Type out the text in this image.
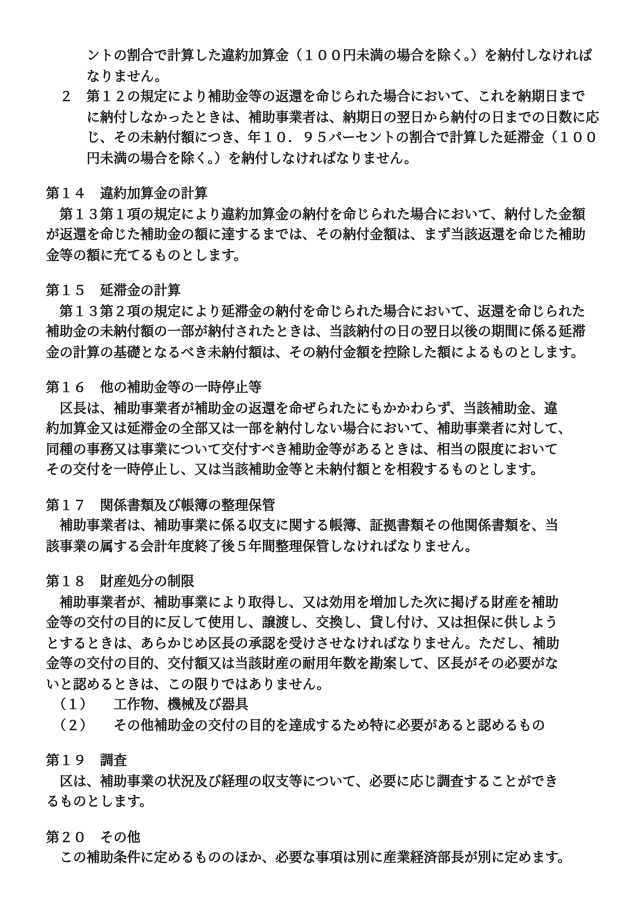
　　　ントの割合で計算した違約加算金（１００円未満の場合を除く。）を納付しなければ
　　　なりません。
　２　第１２の規定により補助金等の返還を命じられた場合において、これを納期日まで
　　　に納付しなかったときは、補助事業者は、納期日の翌日から納付の日までの日数に応
　　　じ、その未納付額につき、年１０．９５パーセントの割合で計算した延滞金（１００
　　　円未満の場合を除く。）を納付しなければなりません。
第１４　違約加算金の計算
　第１３第１項の規定により違約加算金の納付を命じられた場合において、納付した金額
が返還を命じた補助金の額に達するまでは、その納付金額は、まず当該返還を命じた補助
金等の額に充てるものとします。
第１５　延滞金の計算
　第１３第２項の規定により延滞金の納付を命じられた場合において、返還を命じられた
補助金の未納付額の一部が納付されたときは、当該納付の日の翌日以後の期間に係る延滞
金の計算の基礎となるべき未納付額は、その納付金額を控除した額によるものとします。
第１６　他の補助金等の一時停止等
　区長は、補助事業者が補助金の返還を命ぜられたにもかかわらず、当該補助金、違
約加算金又は延滞金の全部又は一部を納付しない場合において、補助事業者に対して、
同種の事務又は事業について交付すべき補助金等があるときは、相当の限度において
その交付を一時停止し、又は当該補助金等と未納付額とを相殺するものとします。
第１７　関係書類及び帳簿の整理保管
　補助事業者は、補助事業に係る収支に関する帳簿、証拠書類その他関係書類を、当
該事業の属する会計年度終了後５年間整理保管しなければなりません。
第１８　財産処分の制限
　補助事業者が、補助事業により取得し、又は効用を増加した次に掲げる財産を補助
金等の交付の目的に反して使用し、譲渡し、交換し、貸し付け、又は担保に供しよう
とするときは、あらかじめ区長の承認を受けさせなければなりません。ただし、補助
金等の交付の目的、交付額又は当該財産の耐用年数を勘案して、区長がその必要がな
いと認めるときは、この限りではありません。
　（１）　　工作物、機械及び器具
　（２）　　その他補助金の交付の目的を達成するため特に必要があると認めるもの
第１９　調査
　区は、補助事業の状況及び経理の収支等について、必要に応じ調査することができ
るものとします。
第２０　その他
　この補助条件に定めるもののほか、必要な事項は別に産業経済部長が別に定めます。
